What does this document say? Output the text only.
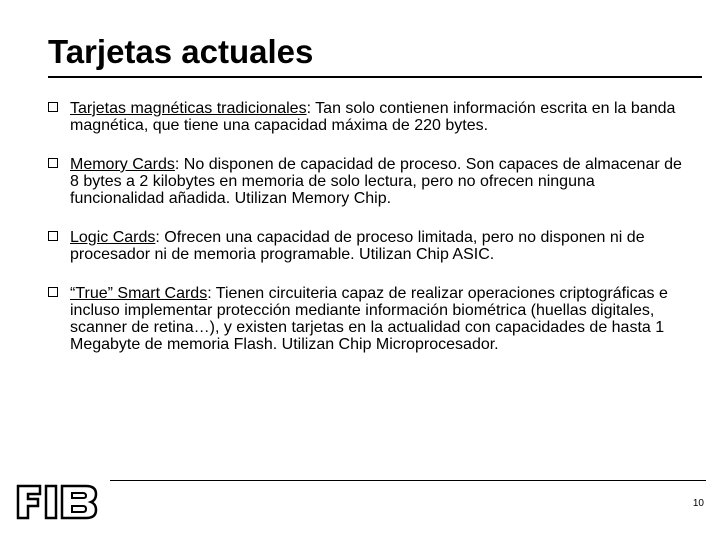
Tarjetas actuales
Tarjetas magnéticas tradicionales: Tan solo contienen información escrita en la banda magnética, que tiene una capacidad máxima de 220 bytes.
Memory Cards: No disponen de capacidad de proceso. Son capaces de almacenar de 8 bytes a 2 kilobytes en memoria de solo lectura, pero no ofrecen ninguna funcionalidad añadida. Utilizan Memory Chip.
Logic Cards: Ofrecen una capacidad de proceso limitada, pero no disponen ni de procesador ni de memoria programable. Utilizan Chip ASIC.
“True” Smart Cards: Tienen circuiteria capaz de realizar operaciones criptográficas e incluso implementar protección mediante información biométrica (huellas digitales, scanner de retina…), y existen tarjetas en la actualidad con capacidades de hasta 1 Megabyte de memoria Flash. Utilizan Chip Microprocesador.
10
